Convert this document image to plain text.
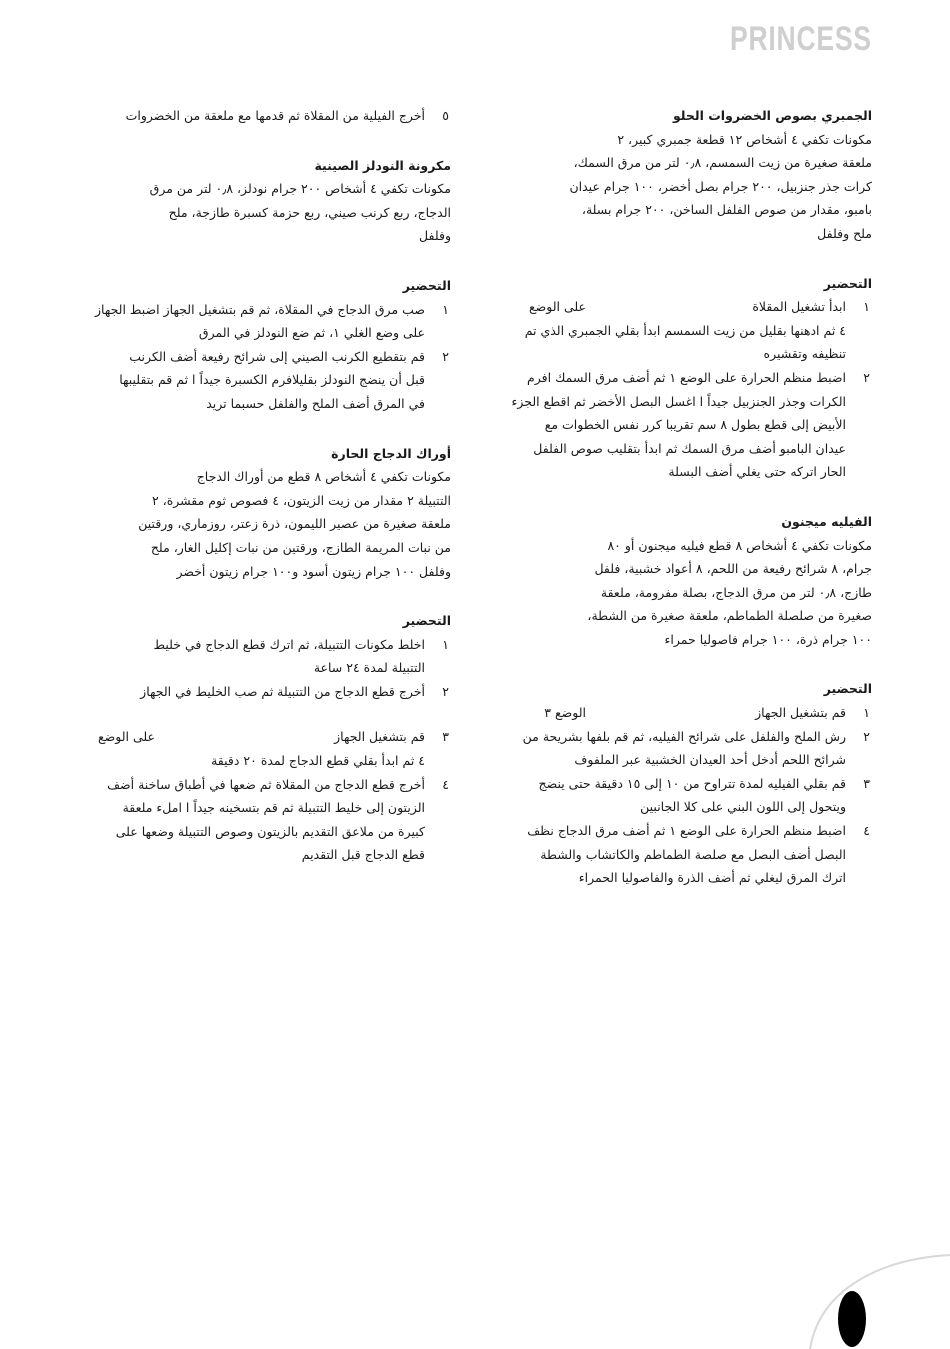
PRINCESS

الجمبري بصوص الخضروات الحلو

مكونات تكفي ٤ أشخاص ١٢ قطعة جمبري كبير، ٢

ملعقة صغيرة من زيت السمسم، ٠٫٨ لتر من مرق السمك،

كرات جذر جنزبيل، ٢٠٠ جرام بصل أخضر، ١٠٠ جرام عيدان

بامبو، مقدار من صوص الفلفل الساخن، ٢٠٠ جرام بسلة،

ملح وفلفل

التحضير

١
ابدأ تشغيل المقلاة
على الوضع
٤ ثم ادهنها بقليل من زيت السمسم ابدأ بقلي الجمبري الذي تم
تنظيفه وتقشيره
٢
اضبط منظم الحرارة على الوضع ١ ثم أضف مرق السمك افرم
الكرات وجذر الجنزبيل جيداً ا اغسل البصل الأخضر ثم اقطع الجزء
الأبيض إلى قطع بطول ٨ سم تقريبا كرر نفس الخطوات مع
عيدان البامبو أضف مرق السمك ثم ابدأ بتقليب صوص الفلفل
الحار اتركه حتى يغلي أضف البسلة

الفيليه ميجنون

مكونات تكفي ٤ أشخاص ٨ قطع فيليه ميجنون أو ٨٠

جرام، ٨ شرائح رفيعة من اللحم، ٨ أعواد خشبية، فلفل

طازج، ٠٫٨ لتر من مرق الدجاج، بصلة مفرومة، ملعقة

صغيرة من صلصلة الطماطم، ملعقة صغيرة من الشطة،

١٠٠ جرام ذرة، ١٠٠ جرام فاصوليا حمراء

التحضير

١
قم بتشغيل الجهاز
الوضع ٣
٢
رش الملح والفلفل على شرائح الفيليه، ثم قم بلفها بشريحة من
شرائح اللحم أدخل أحد العيدان الخشبية عبر الملفوف
٣
قم بقلي الفيليه لمدة تتراوح من ١٠ إلى ١٥ دقيقة حتى ينضج
ويتحول إلى اللون البني على كلا الجانبين
٤
اضبط منظم الحرارة على الوضع ١ ثم أضف مرق الدجاج نظف
البصل أضف البصل مع صلصة الطماطم والكاتشاب والشطة
اترك المرق ليغلي ثم أضف الذرة والفاصوليا الحمراء
٥
أخرج الفيلية من المقلاة ثم قدمها مع ملعقة من الخضروات

مكرونة النودلز الصينية

مكونات تكفي ٤ أشخاص ٢٠٠ جرام نودلز، ٠٫٨ لتر من مرق

الدجاج، ربع كرنب صيني، ربع حزمة كسبرة طازجة، ملح

وفلفل

التحضير

١
صب مرق الدجاج في المقلاة، ثم قم بتشغيل الجهاز اضبط الجهاز
على وضع الغلي ١، ثم ضع النودلز في المرق
٢
قم بتقطيع الكرنب الصيني إلى شرائح رفيعة أضف الكرنب
قبل أن ينضج النودلز بقليلافرم الكسبرة جيداً ا ثم قم بتقليبها
في المرق أضف الملح والفلفل حسبما تريد

أوراك الدجاج الحارة

مكونات تكفي ٤ أشخاص ٨ قطع من أوراك الدجاج

التتبيلة ٢ مقدار من زيت الزيتون، ٤ فصوص ثوم مقشرة، ٢

ملعقة صغيرة من عصير الليمون، ذرة زعتر، روزماري، ورقتين

من نبات المريمة الطازج، ورقتين من نبات إكليل الغار، ملح

وفلفل ١٠٠ جرام زيتون أسود و١٠٠ جرام زيتون أخضر

التحضير

١
اخلط مكونات التتبيلة، ثم اترك قطع الدجاج في خليط
التتبيلة لمدة ٢٤ ساعة
٢
أخرج قطع الدجاج من التتبيلة ثم صب الخليط في الجهاز
٣
قم بتشغيل الجهاز
على الوضع
٤ ثم ابدأ بقلي قطع الدجاج لمدة ٢٠ دقيقة
٤
أخرج قطع الدجاج من المقلاة ثم ضعها في أطباق ساخنة أضف
الزيتون إلى خليط التتبيلة ثم قم بتسخينه جيداً ا املء ملعقة
كبيرة من ملاعق التقديم بالزيتون وصوص التتبيلة وضعها على
قطع الدجاج قبل التقديم
